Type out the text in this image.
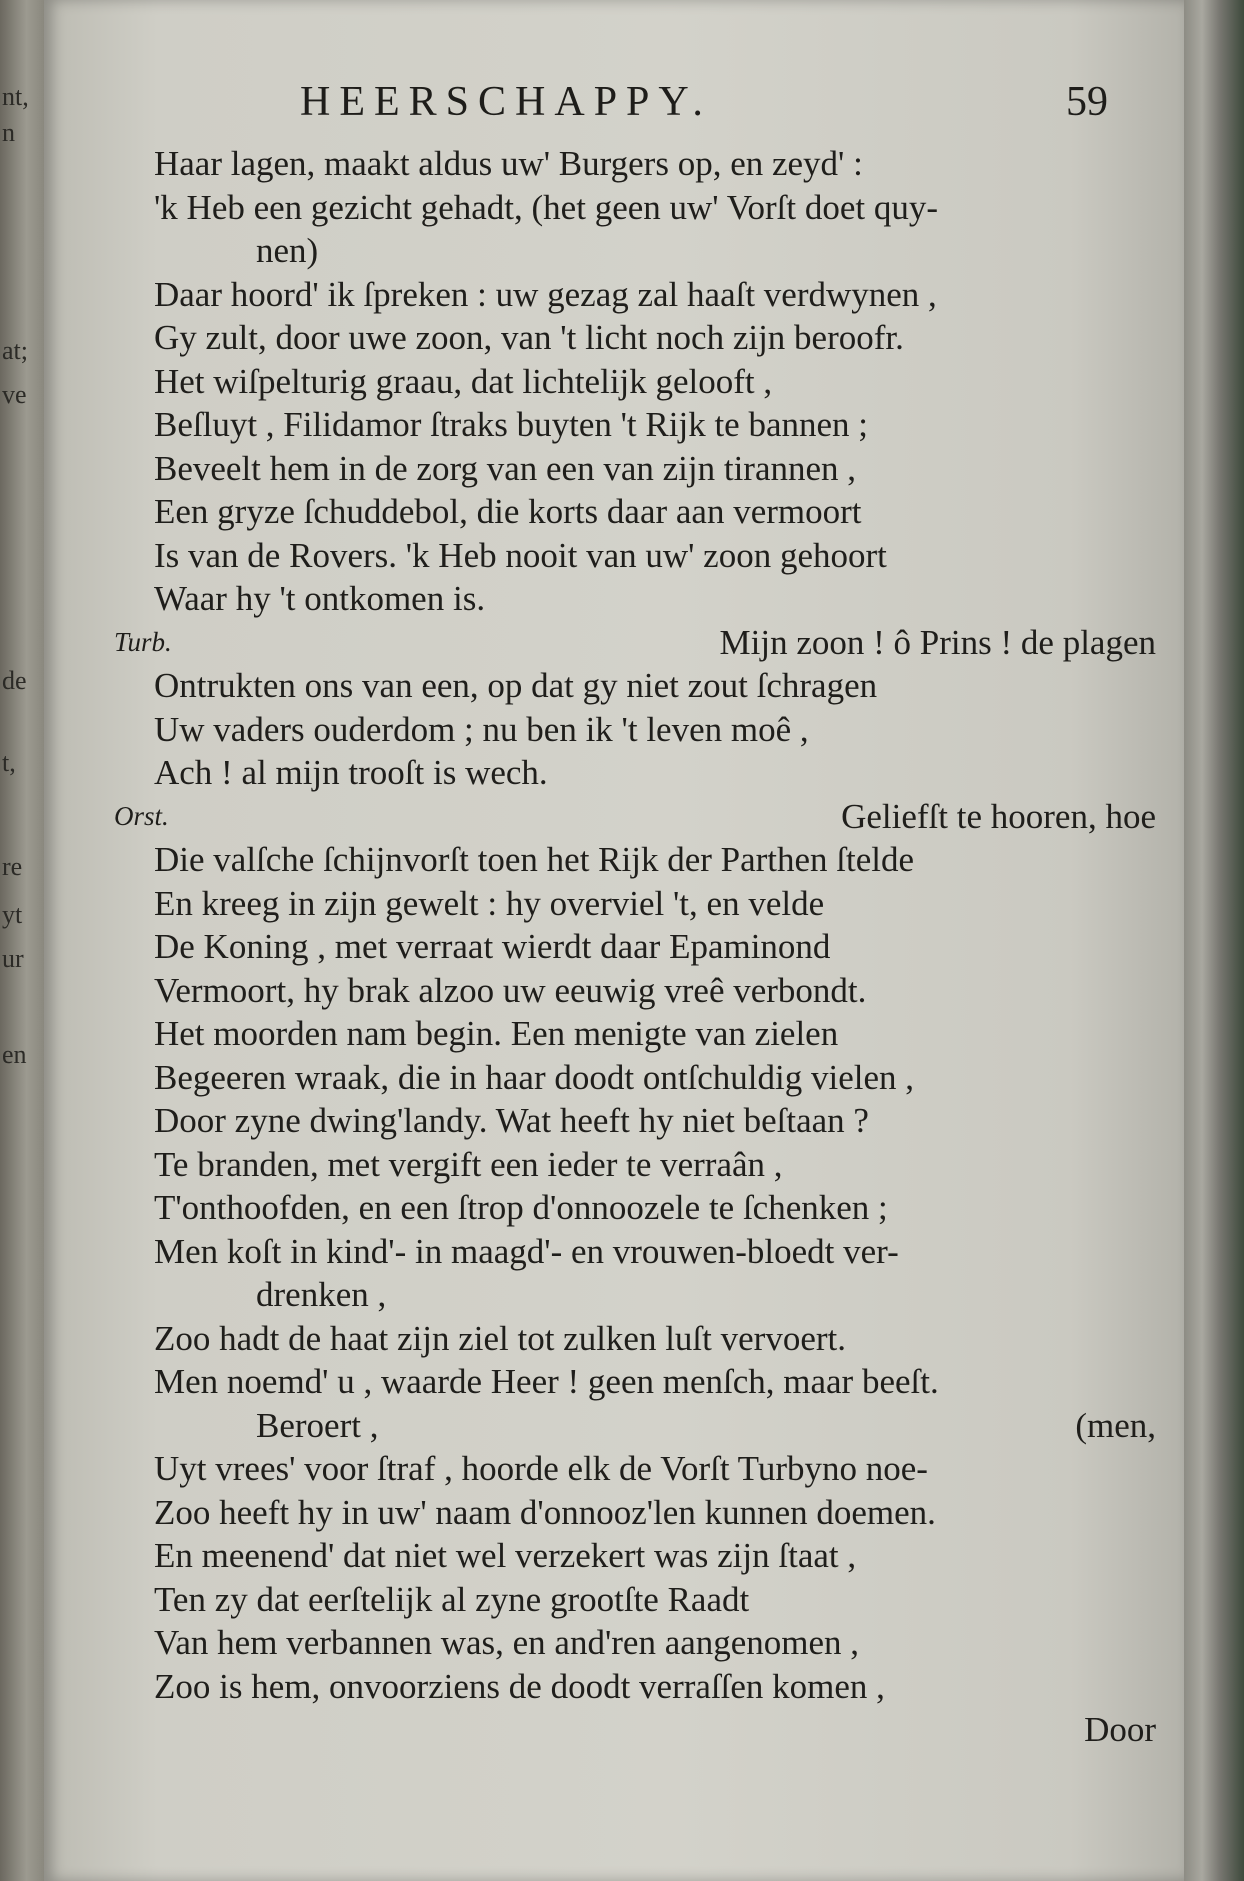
nt,
n
at;
ve
de
t,
re
yt
ur
en
HEERSCHAPPY.	59
Haar lagen, maakt aldus uw' Burgers op, en zeyd' :
'k Heb een gezicht gehadt, (het geen uw' Vorſt doet quy-
nen)
Daar hoord' ik ſpreken : uw gezag zal haaſt verdwynen ,
Gy zult, door uwe zoon, van 't licht noch zijn beroofr.
Het wiſpelturig graau, dat lichtelijk gelooft ,
Beſluyt , Filidamor ſtraks buyten 't Rijk te bannen ;
Beveelt hem in de zorg van een van zijn tirannen ,
Een gryze ſchuddebol, die korts daar aan vermoort
Is van de Rovers. 'k Heb nooit van uw' zoon gehoort
Waar hy 't ontkomen is.
Turb.	Mijn zoon ! ô Prins ! de plagen
Ontrukten ons van een, op dat gy niet zout ſchragen
Uw vaders ouderdom ; nu ben ik 't leven moê ,
Ach ! al mijn trooſt is wech.
Orst.	Geliefſt te hooren, hoe
Die valſche ſchijnvorſt toen het Rijk der Parthen ſtelde
En kreeg in zijn gewelt : hy overviel 't, en velde
De Koning , met verraat wierdt daar Epaminond
Vermoort, hy brak alzoo uw eeuwig vreê verbondt.
Het moorden nam begin. Een menigte van zielen
Begeeren wraak, die in haar doodt ontſchuldig vielen ,
Door zyne dwing'landy. Wat heeft hy niet beſtaan ?
Te branden, met vergift een ieder te verraân ,
T'onthoofden, en een ſtrop d'onnoozele te ſchenken ;
Men koſt in kind'- in maagd'- en vrouwen-bloedt ver-
drenken ,
Zoo hadt de haat zijn ziel tot zulken luſt vervoert.
Men noemd' u , waarde Heer ! geen menſch, maar beeſt.
Beroert ,	(men,
Uyt vrees' voor ſtraf , hoorde elk de Vorſt Turbyno noe-
Zoo heeft hy in uw' naam d'onnooz'len kunnen doemen.
En meenend' dat niet wel verzekert was zijn ſtaat ,
Ten zy dat eerſtelijk al zyne grootſte Raadt
Van hem verbannen was, en and'ren aangenomen ,
Zoo is hem, onvoorziens de doodt verraſſen komen ,
Door
